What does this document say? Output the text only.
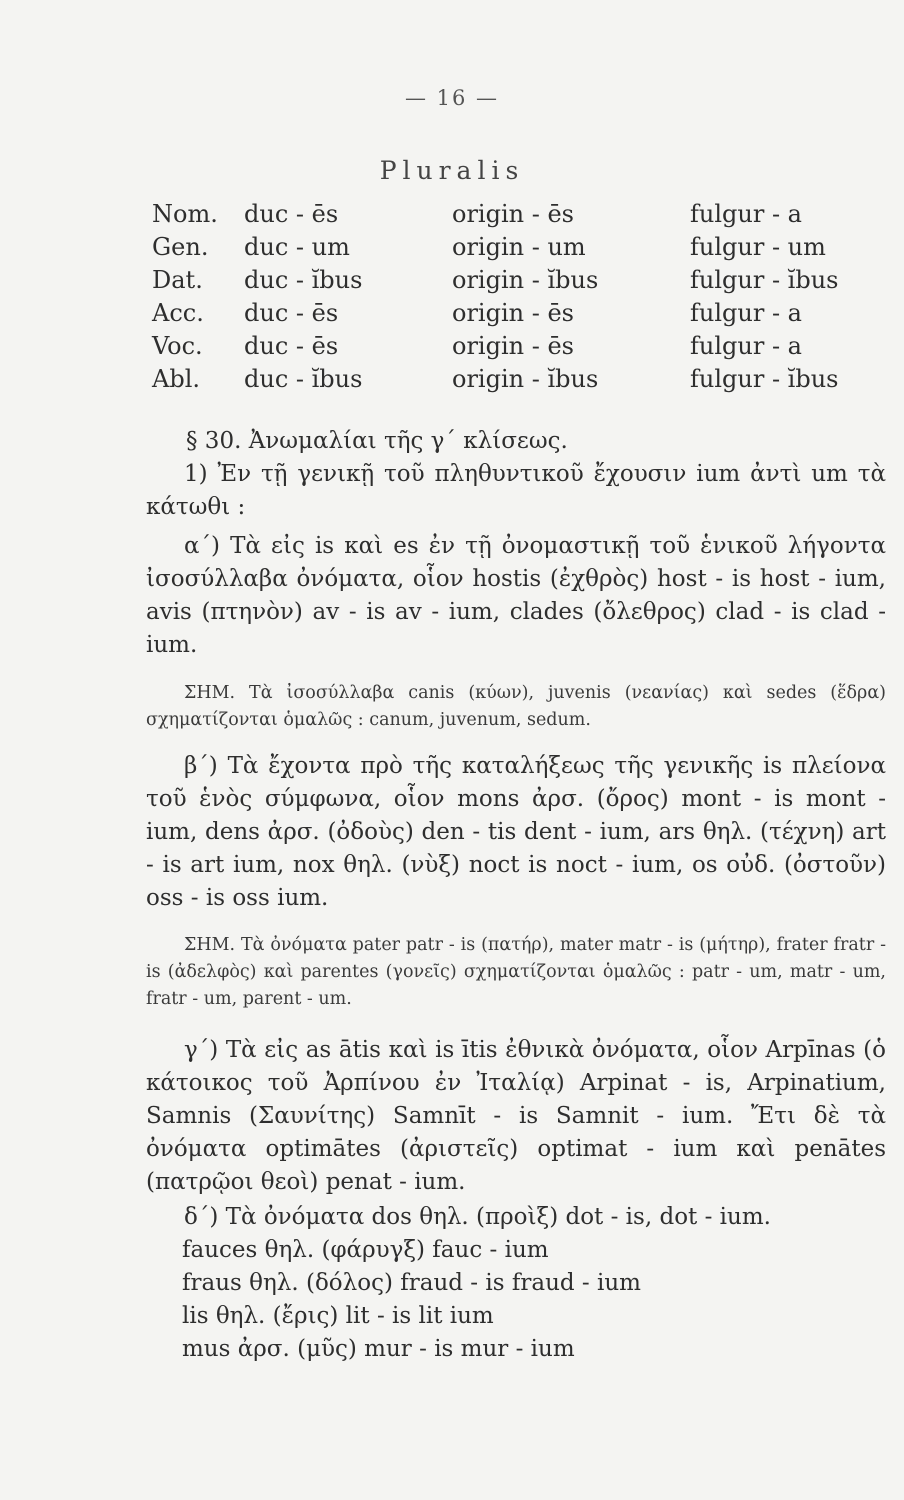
— 16 —
Pluralis
Nom. duc - ēs	origin - ēs	fulgur - a
Gen. duc - um	origin - um	fulgur - um
Dat. duc - ĭbus	origin - ĭbus	fulgur - ĭbus
Acc. duc - ēs	origin - ēs	fulgur - a
Voc. duc - ēs	origin - ēs	fulgur - a
Abl. duc - ĭbus	origin - ĭbus	fulgur - ĭbus
§ 30. Ἀνωμαλίαι τῆς γ΄ κλίσεως.
1) Ἐν τῇ γενικῇ τοῦ πληθυντικοῦ ἔχουσιν ium ἀντὶ um τὰ κάτωθι :
α΄) Τὰ εἰς is καὶ es ἐν τῇ ὀνομαστικῇ τοῦ ἑνικοῦ λήγοντα ἰσοσύλλαβα ὀνόματα, οἷον hostis (ἐχθρὸς) host - is host - ium, avis (πτηνὸν) av - is av - ium, clades (ὄλεθρος) clad - is clad - ium.
ΣΗΜ. Τὰ ἰσοσύλλαβα canis (κύων), juvenis (νεανίας) καὶ sedes (ἕδρα) σχηματίζονται ὁμαλῶς : canum, juvenum, sedum.
β΄) Τὰ ἔχοντα πρὸ τῆς καταλήξεως τῆς γενικῆς is πλείονα τοῦ ἑνὸς σύμφωνα, οἷον mons ἀρσ. (ὄρος) mont - is mont - ium, dens ἀρσ. (ὀδοὺς) den - tis dent - ium, ars θηλ. (τέχνη) art - is art ium, nox θηλ. (νὺξ) noct is noct - ium, os οὐδ. (ὀστοῦν) oss - is oss ium.
ΣΗΜ. Τὰ ὀνόματα pater patr - is (πατήρ), mater matr - is (μήτηρ), frater fratr - is (ἀδελφὸς) καὶ parentes (γονεῖς) σχηματίζονται ὁμαλῶς : patr - um, matr - um, fratr - um, parent - um.
γ΄) Τὰ εἰς as ātis καὶ is ītis ἐθνικὰ ὀνόματα, οἷον Arpīnas (ὁ κάτοικος τοῦ Ἀρπίνου ἐν Ἰταλίᾳ) Arpinat - is, Arpinatium, Samnis (Σαυνίτης) Samnīt - is Samnit - ium. Ἔτι δὲ τὰ ὀνόματα optimātes (ἀριστεῖς) optimat - ium καὶ penātes (πατρῷοι θεοὶ) penat - ium.
δ΄) Τὰ ὀνόματα dos θηλ. (προὶξ) dot - is, dot - ium.
fauces θηλ. (φάρυγξ) fauc - ium
fraus θηλ. (δόλος) fraud - is fraud - ium
lis θηλ. (ἔρις) lit - is lit ium
mus ἀρσ. (μῦς) mur - is mur - ium
